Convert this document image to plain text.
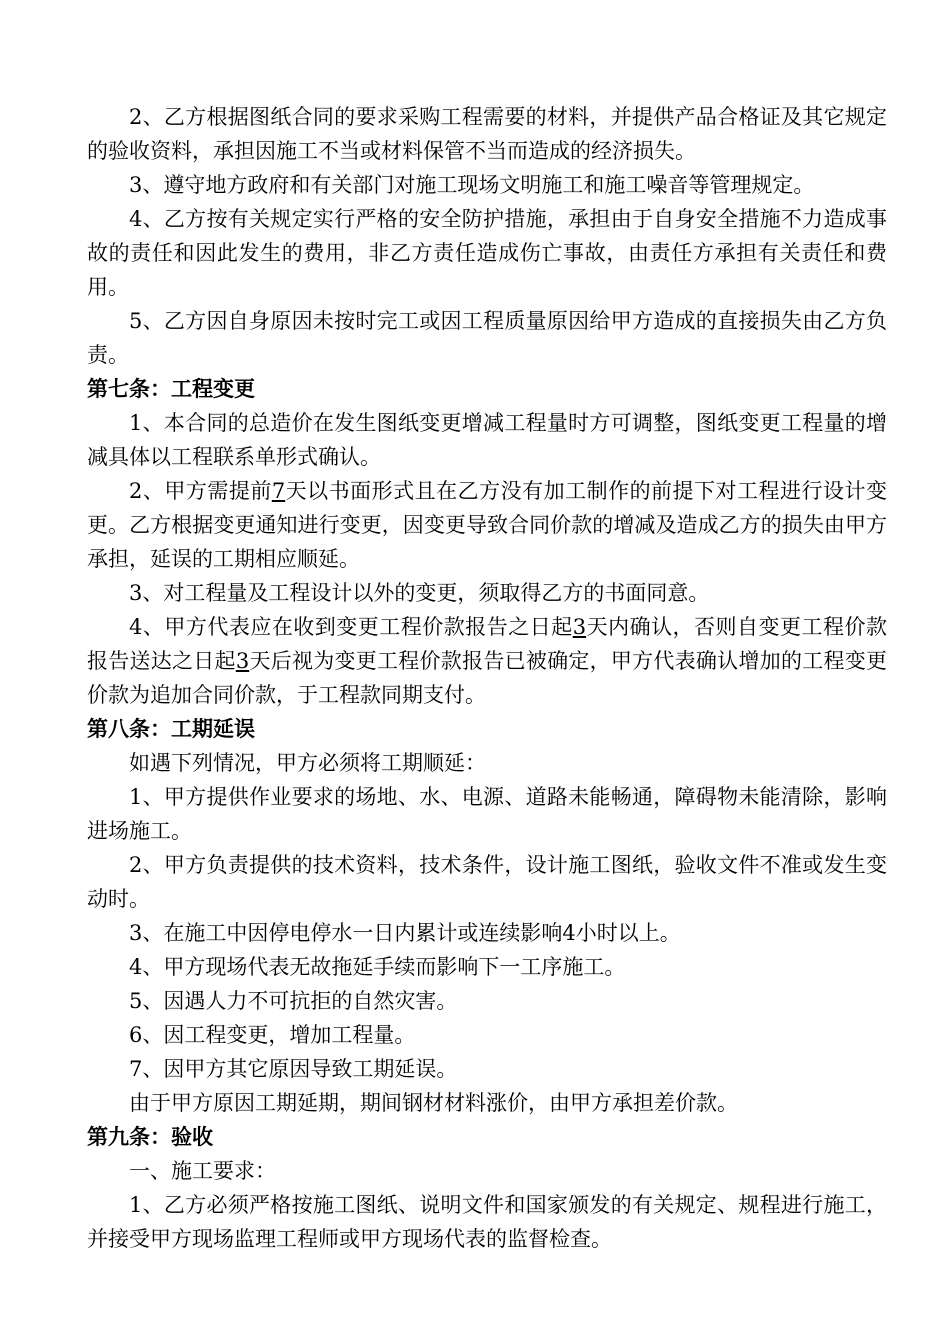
2、乙方根据图纸合同的要求采购工程需要的材料，并提供产品合格证及其它规定的验收资料，承担因施工不当或材料保管不当而造成的经济损失。

3、遵守地方政府和有关部门对施工现场文明施工和施工噪音等管理规定。

4、乙方按有关规定实行严格的安全防护措施，承担由于自身安全措施不力造成事故的责任和因此发生的费用，非乙方责任造成伤亡事故，由责任方承担有关责任和费用。

5、乙方因自身原因未按时完工或因工程质量原因给甲方造成的直接损失由乙方负责。

第七条：工程变更

1、本合同的总造价在发生图纸变更增减工程量时方可调整，图纸变更工程量的增减具体以工程联系单形式确认。

2、甲方需提前7天以书面形式且在乙方没有加工制作的前提下对工程进行设计变更。乙方根据变更通知进行变更，因变更导致合同价款的增减及造成乙方的损失由甲方承担，延误的工期相应顺延。

3、对工程量及工程设计以外的变更，须取得乙方的书面同意。

4、甲方代表应在收到变更工程价款报告之日起3天内确认，否则自变更工程价款报告送达之日起3天后视为变更工程价款报告已被确定，甲方代表确认增加的工程变更价款为追加合同价款，于工程款同期支付。

第八条：工期延误

如遇下列情况，甲方必须将工期顺延：

1、甲方提供作业要求的场地、水、电源、道路未能畅通，障碍物未能清除，影响进场施工。

2、甲方负责提供的技术资料，技术条件，设计施工图纸，验收文件不准或发生变动时。

3、在施工中因停电停水一日内累计或连续影响4小时以上。

4、甲方现场代表无故拖延手续而影响下一工序施工。

5、因遇人力不可抗拒的自然灾害。

6、因工程变更，增加工程量。

7、因甲方其它原因导致工期延误。

由于甲方原因工期延期，期间钢材材料涨价，由甲方承担差价款。

第九条：验收

一、施工要求：

1、乙方必须严格按施工图纸、说明文件和国家颁发的有关规定、规程进行施工，并接受甲方现场监理工程师或甲方现场代表的监督检查。
